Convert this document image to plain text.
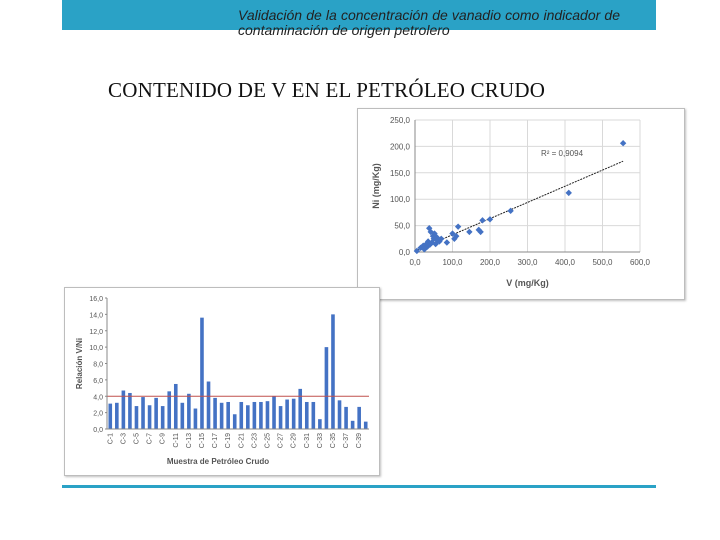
Validación de la concentración de vanadio como indicador de contaminación de origen petrolero
CONTENIDO DE V EN EL PETRÓLEO CRUDO
0,0
50,0
100,0
150,0
200,0
250,0
0,0	100,0 200,0 300,0 400,0 500,0 600,0
R² = 0,9094
V (mg/Kg)
Ni (mg/Kg)
0,0
2,0
4,0
6,0
8,0
10,0
12,0
14,0
16,0
C-1 C-3 C-5 C-7 C-9 C-11 C-13 C-15 C-17 C-19 C-21 C-23 C-25 C-27 C-29 C-31 C-33 C-35 C-37 C-39
Muestra de Petróleo Crudo
Relación V/Ni
